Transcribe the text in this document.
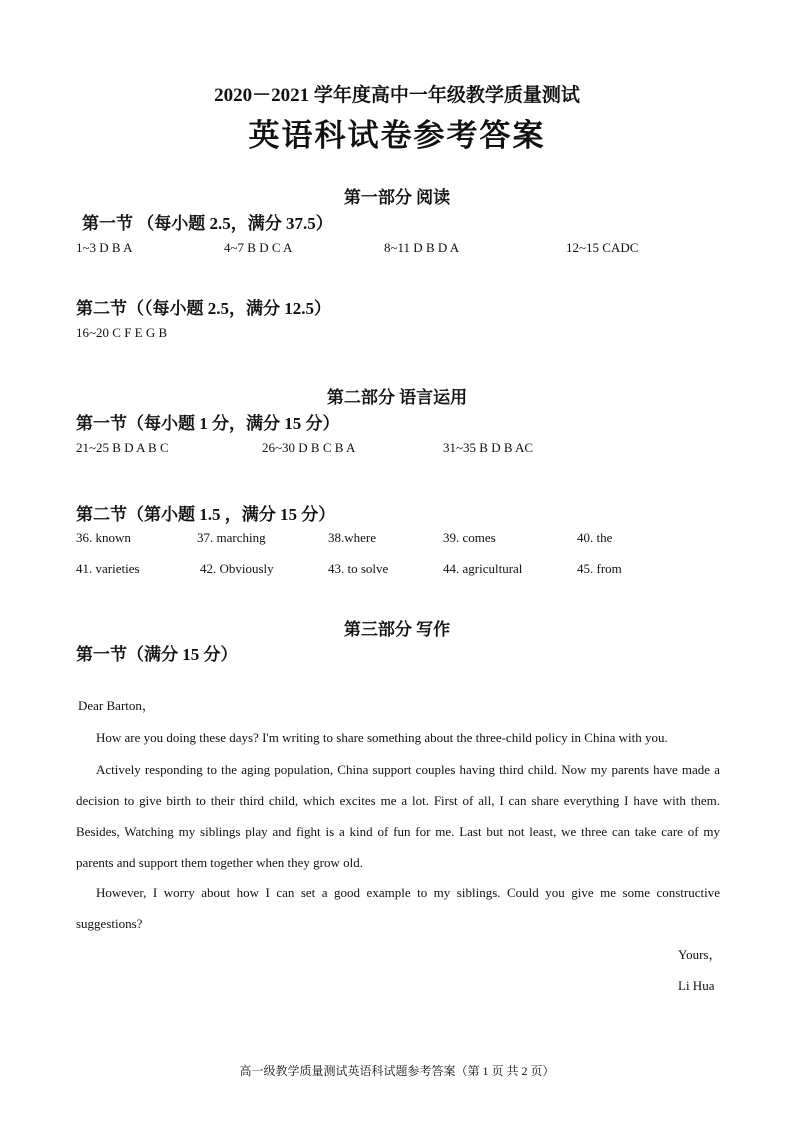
2020－2021 学年度高中一年级教学质量测试
英语科试卷参考答案
第一部分 阅读
第一节 （每小题 2.5，满分 37.5）
1~3 D B A	4~7 B D C A	8~11 D B D A	12~15 CADC
第二节（（每小题 2.5，满分 12.5）
16~20 C F E G B
第二部分 语言运用
第一节（每小题 1 分，满分 15 分）
21~25 B D A B C	26~30 D B C B A	31~35 B D B AC
第二节（第小题 1.5 ，满分 15 分）
36. known	37. marching	38.where	39. comes	40. the
41. varieties	42. Obviously	43. to solve	44. agricultural	45. from
第三部分 写作
第一节（满分 15 分）
Dear Barton，
How are you doing these days? I'm writing to share something about the three-child policy in China with you.
Actively responding to the aging population, China support couples having third child. Now my parents have made a decision to give birth to their third child, which excites me a lot. First of all, I can share everything I have with them. Besides, Watching my siblings play and fight is a kind of fun for me. Last but not least, we three can take care of my parents and support them together when they grow old.
However, I worry about how I can set a good example to my siblings. Could you give me some constructive suggestions?
Yours，
Li Hua
高一级教学质量测试英语科试题参考答案（第 1 页 共 2 页）
